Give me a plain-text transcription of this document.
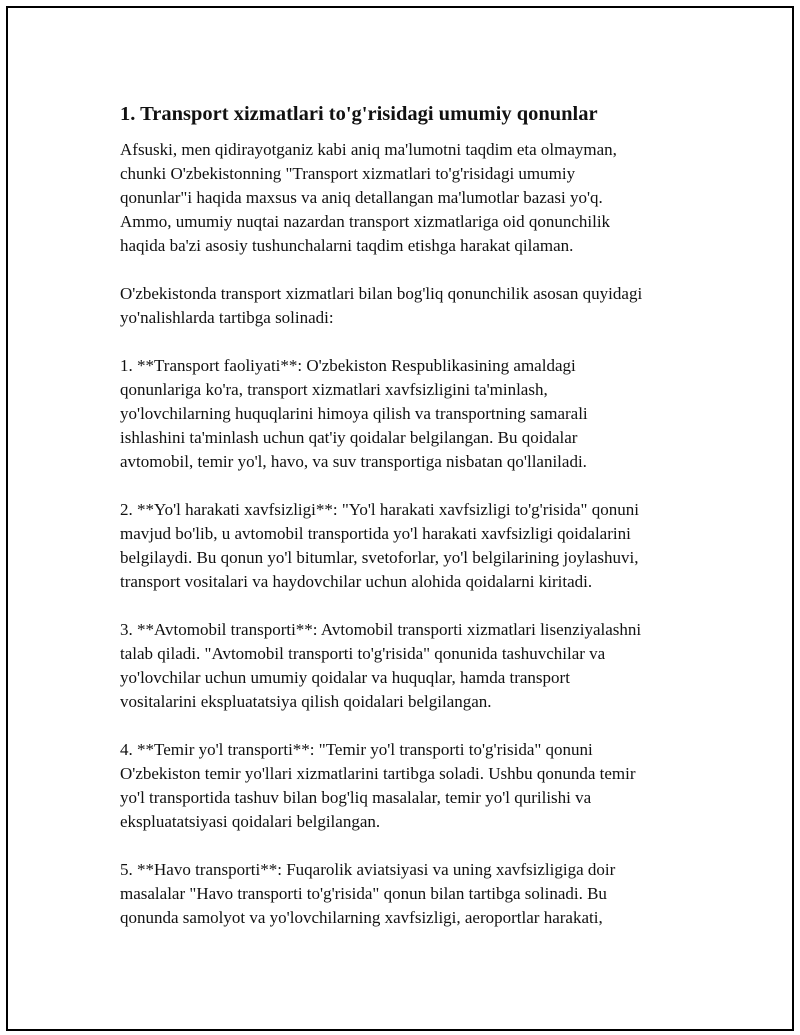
1. Transport xizmatlari to'g'risidagi umumiy qonunlar
Afsuski, men qidirayotganiz kabi aniq ma'lumotni taqdim eta olmayman,
chunki O'zbekistonning "Transport xizmatlari to'g'risidagi umumiy
qonunlar"i haqida maxsus va aniq detallangan ma'lumotlar bazasi yo'q.
Ammo, umumiy nuqtai nazardan transport xizmatlariga oid qonunchilik
haqida ba'zi asosiy tushunchalarni taqdim etishga harakat qilaman.
O'zbekistonda transport xizmatlari bilan bog'liq qonunchilik asosan quyidagi
yo'nalishlarda tartibga solinadi:
1. **Transport faoliyati**: O'zbekiston Respublikasining amaldagi
qonunlariga ko'ra, transport xizmatlari xavfsizligini ta'minlash,
yo'lovchilarning huquqlarini himoya qilish va transportning samarali
ishlashini ta'minlash uchun qat'iy qoidalar belgilangan. Bu qoidalar
avtomobil, temir yo'l, havo, va suv transportiga nisbatan qo'llaniladi.
2. **Yo'l harakati xavfsizligi**: "Yo'l harakati xavfsizligi to'g'risida" qonuni
mavjud bo'lib, u avtomobil transportida yo'l harakati xavfsizligi qoidalarini
belgilaydi. Bu qonun yo'l bitumlar, svetoforlar, yo'l belgilarining joylashuvi,
transport vositalari va haydovchilar uchun alohida qoidalarni kiritadi.
3. **Avtomobil transporti**: Avtomobil transporti xizmatlari lisenziyalashni
talab qiladi. "Avtomobil transporti to'g'risida" qonunida tashuvchilar va
yo'lovchilar uchun umumiy qoidalar va huquqlar, hamda transport
vositalarini ekspluatatsiya qilish qoidalari belgilangan.
4. **Temir yo'l transporti**: "Temir yo'l transporti to'g'risida" qonuni
O'zbekiston temir yo'llari xizmatlarini tartibga soladi. Ushbu qonunda temir
yo'l transportida tashuv bilan bog'liq masalalar, temir yo'l qurilishi va
ekspluatatsiyasi qoidalari belgilangan.
5. **Havo transporti**: Fuqarolik aviatsiyasi va uning xavfsizligiga doir
masalalar "Havo transporti to'g'risida" qonun bilan tartibga solinadi. Bu
qonunda samolyot va yo'lovchilarning xavfsizligi, aeroportlar harakati,
